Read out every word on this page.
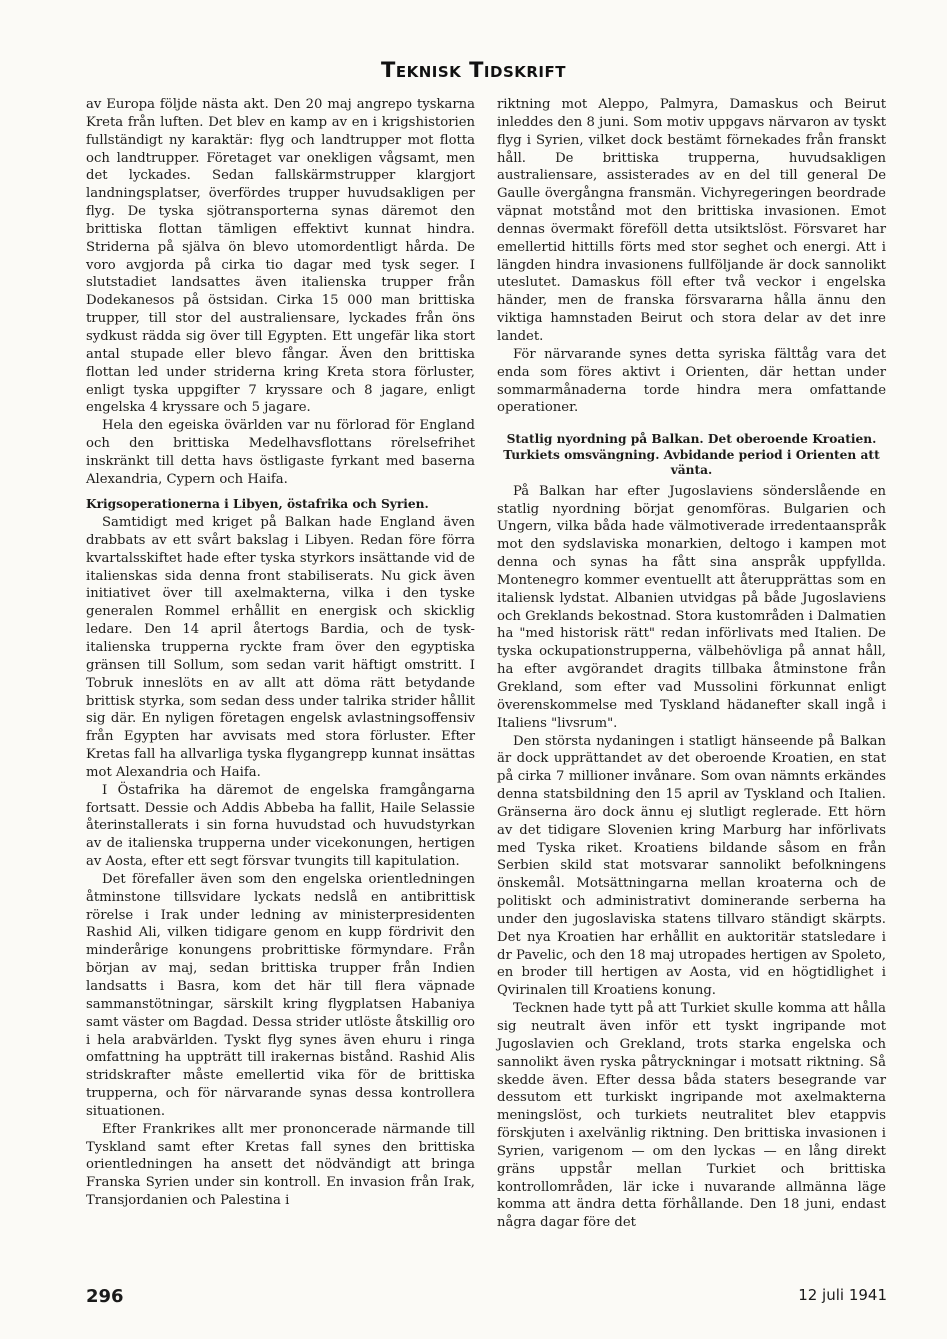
Teknisk Tidskrift

av Europa följde nästa akt. Den 20 maj angrepo tyskarna Kreta från luften. Det blev en kamp av en i krigshistorien fullständigt ny karaktär: flyg och landtrupper mot flotta och landtrupper. Företaget var onekligen vågsamt, men det lyckades. Sedan fallskärmstrupper klargjort landningsplatser, överfördes trupper huvudsakligen per flyg. De tyska sjötransporterna synas däremot den brittiska flottan tämligen effektivt kunnat hindra. Striderna på själva ön blevo utomordentligt hårda. De voro avgjorda på cirka tio dagar med tysk seger. I slutstadiet landsattes även italienska trupper från Dodekanesos på östsidan. Cirka 15 000 man brittiska trupper, till stor del australiensare, lyckades från öns sydkust rädda sig över till Egypten. Ett ungefär lika stort antal stupade eller blevo fångar. Även den brittiska flottan led under striderna kring Kreta stora förluster, enligt tyska uppgifter 7 kryssare och 8 jagare, enligt engelska 4 kryssare och 5 jagare.

Hela den egeiska övärlden var nu förlorad för England och den brittiska Medelhavsflottans rörelsefrihet inskränkt till detta havs östligaste fyrkant med baserna Alexandria, Cypern och Haifa.

Krigsoperationerna i Libyen, östafrika och Syrien.

Samtidigt med kriget på Balkan hade England även drabbats av ett svårt bakslag i Libyen. Redan före förra kvartalsskiftet hade efter tyska styrkors insättande vid de italienskas sida denna front stabiliserats. Nu gick även initiativet över till axelmakterna, vilka i den tyske generalen Rommel erhållit en energisk och skicklig ledare. Den 14 april återtogs Bardia, och de tysk-italienska trupperna ryckte fram över den egyptiska gränsen till Sollum, som sedan varit häftigt omstritt. I Tobruk inneslöts en av allt att döma rätt betydande brittisk styrka, som sedan dess under talrika strider hållit sig där. En nyligen företagen engelsk avlastningsoffensiv från Egypten har avvisats med stora förluster. Efter Kretas fall ha allvarliga tyska flygangrepp kunnat insättas mot Alexandria och Haifa.

I Östafrika ha däremot de engelska framgångarna fortsatt. Dessie och Addis Abbeba ha fallit, Haile Selassie återinstallerats i sin forna huvudstad och huvudstyrkan av de italienska trupperna under vicekonungen, hertigen av Aosta, efter ett segt försvar tvungits till kapitulation.

Det förefaller även som den engelska orientledningen åtminstone tillsvidare lyckats nedslå en antibrittisk rörelse i Irak under ledning av ministerpresidenten Rashid Ali, vilken tidigare genom en kupp fördrivit den minderårige konungens probrittiske förmyndare. Från början av maj, sedan brittiska trupper från Indien landsatts i Basra, kom det här till flera väpnade sammanstötningar, särskilt kring flygplatsen Habaniya samt väster om Bagdad. Dessa strider utlöste åtskillig oro i hela arabvärlden. Tyskt flyg synes även ehuru i ringa omfattning ha uppträtt till irakernas bistånd. Rashid Alis stridskrafter måste emellertid vika för de brittiska trupperna, och för närvarande synas dessa kontrollera situationen.

Efter Frankrikes allt mer prononcerade närmande till Tyskland samt efter Kretas fall synes den brittiska orientledningen ha ansett det nödvändigt att bringa Franska Syrien under sin kontroll. En invasion från Irak, Transjordanien och Palestina i

riktning mot Aleppo, Palmyra, Damaskus och Beirut inleddes den 8 juni. Som motiv uppgavs närvaron av tyskt flyg i Syrien, vilket dock bestämt förnekades från franskt håll. De brittiska trupperna, huvudsakligen australiensare, assisterades av en del till general De Gaulle övergångna fransmän. Vichyregeringen beordrade väpnat motstånd mot den brittiska invasionen. Emot dennas övermakt föreföll detta utsiktslöst. Försvaret har emellertid hittills förts med stor seghet och energi. Att i längden hindra invasionens fullföljande är dock sannolikt uteslutet. Damaskus föll efter två veckor i engelska händer, men de franska försvararna hålla ännu den viktiga hamnstaden Beirut och stora delar av det inre landet.

För närvarande synes detta syriska fälttåg vara det enda som föres aktivt i Orienten, där hettan under sommarmånaderna torde hindra mera omfattande operationer.

Statlig nyordning på Balkan. Det oberoende Kroatien. Turkiets omsvängning. Avbidande period i Orienten att vänta.

På Balkan har efter Jugoslaviens sönderslående en statlig nyordning börjat genomföras. Bulgarien och Ungern, vilka båda hade välmotiverade irredentaanspråk mot den sydslaviska monarkien, deltogo i kampen mot denna och synas ha fått sina anspråk uppfyllda. Montenegro kommer eventuellt att återupprättas som en italiensk lydstat. Albanien utvidgas på både Jugoslaviens och Greklands bekostnad. Stora kustområden i Dalmatien ha "med historisk rätt" redan införlivats med Italien. De tyska ockupationstrupperna, välbehövliga på annat håll, ha efter avgörandet dragits tillbaka åtminstone från Grekland, som efter vad Mussolini förkunnat enligt överenskommelse med Tyskland hädanefter skall ingå i Italiens "livsrum".

Den största nydaningen i statligt hänseende på Balkan är dock upprättandet av det oberoende Kroatien, en stat på cirka 7 millioner invånare. Som ovan nämnts erkändes denna statsbildning den 15 april av Tyskland och Italien. Gränserna äro dock ännu ej slutligt reglerade. Ett hörn av det tidigare Slovenien kring Marburg har införlivats med Tyska riket. Kroatiens bildande såsom en från Serbien skild stat motsvarar sannolikt befolkningens önskemål. Motsättningarna mellan kroaterna och de politiskt och administrativt dominerande serberna ha under den jugoslaviska statens tillvaro ständigt skärpts. Det nya Kroatien har erhållit en auktoritär statsledare i dr Pavelic, och den 18 maj utropades hertigen av Spoleto, en broder till hertigen av Aosta, vid en högtidlighet i Qvirinalen till Kroatiens konung.

Tecknen hade tytt på att Turkiet skulle komma att hålla sig neutralt även inför ett tyskt ingripande mot Jugoslavien och Grekland, trots starka engelska och sannolikt även ryska påtryckningar i motsatt riktning. Så skedde även. Efter dessa båda staters besegrande var dessutom ett turkiskt ingripande mot axelmakterna meningslöst, och turkiets neutralitet blev etappvis förskjuten i axelvänlig riktning. Den brittiska invasionen i Syrien, varigenom — om den lyckas — en lång direkt gräns uppstår mellan Turkiet och brittiska kontrollområden, lär icke i nuvarande allmänna läge komma att ändra detta förhållande. Den 18 juni, endast några dagar före det

296	12 juli 1941
